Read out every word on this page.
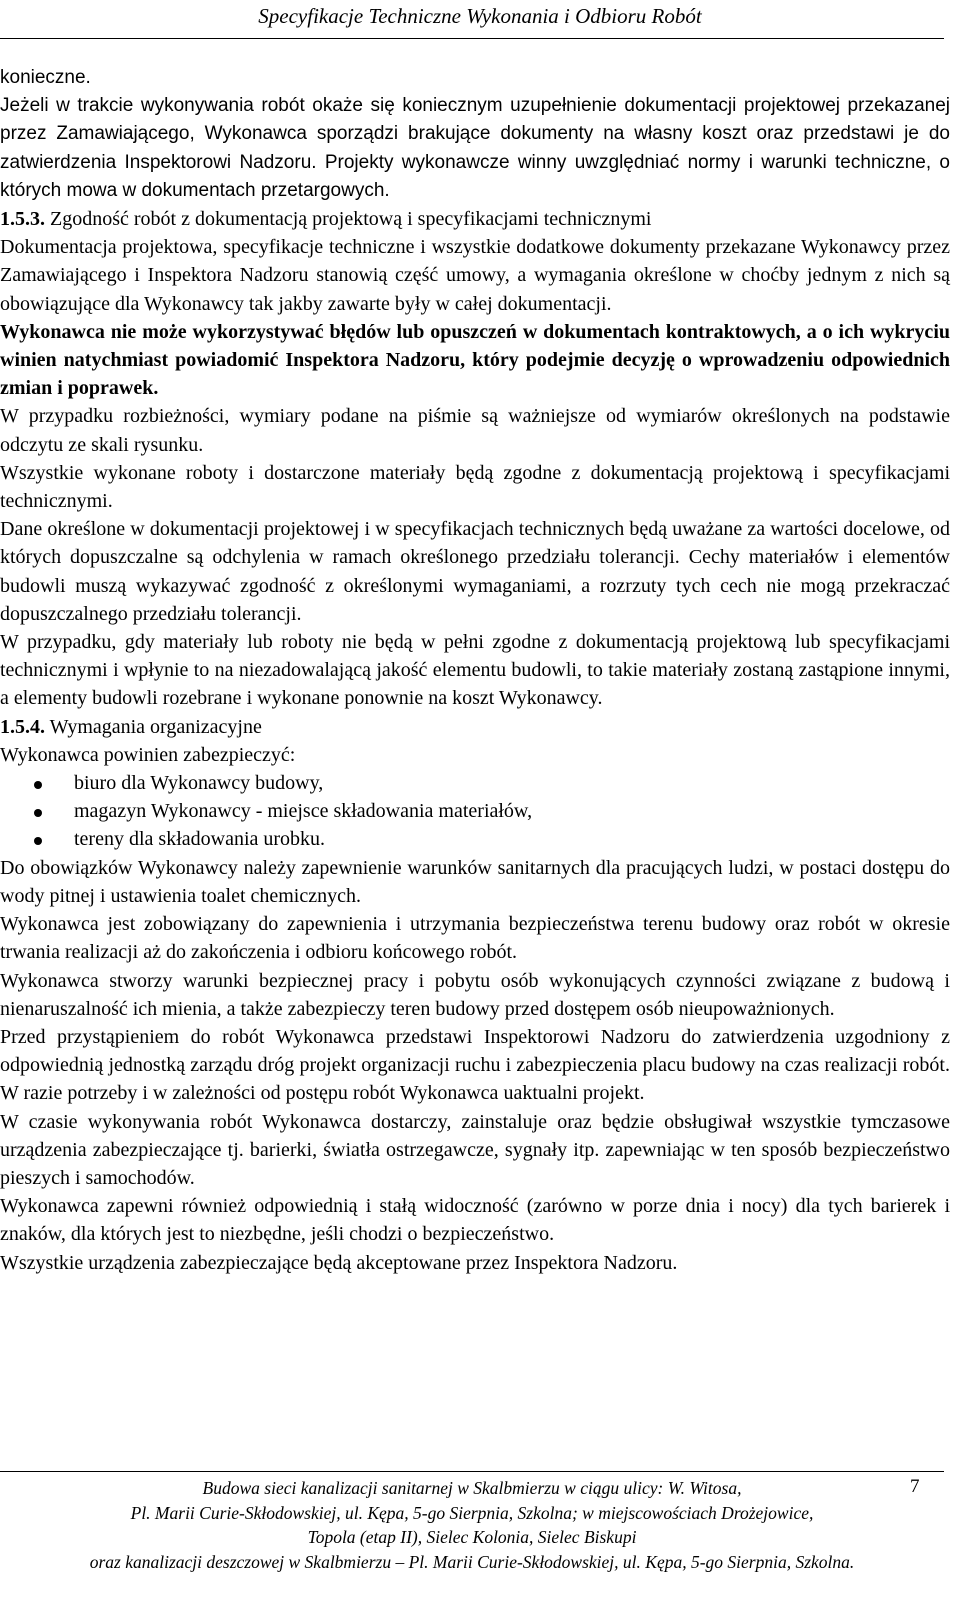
Specyfikacje Techniczne Wykonania i Odbioru Robót

konieczne.

Jeżeli w trakcie wykonywania robót okaże się koniecznym uzupełnienie dokumentacji projektowej przekazanej przez Zamawiającego, Wykonawca sporządzi brakujące dokumenty na własny koszt oraz przedstawi je do zatwierdzenia Inspektorowi Nadzoru. Projekty wykonawcze winny uwzględniać normy i warunki techniczne, o których mowa w dokumentach przetargowych.

1.5.3. Zgodność robót z dokumentacją projektową i specyfikacjami technicznymi

Dokumentacja projektowa, specyfikacje techniczne i wszystkie dodatkowe dokumenty przekazane Wykonawcy przez Zamawiającego i Inspektora Nadzoru stanowią część umowy, a wymagania określone w choćby jednym z nich są obowiązujące dla Wykonawcy tak jakby zawarte były w całej dokumentacji.

Wykonawca nie może wykorzystywać błędów lub opuszczeń w dokumentach kontraktowych, a o ich wykryciu winien natychmiast powiadomić Inspektora Nadzoru, który podejmie decyzję o wprowadzeniu odpowiednich zmian i poprawek.

W przypadku rozbieżności, wymiary podane na piśmie są ważniejsze od wymiarów określonych na podstawie odczytu ze skali rysunku.

Wszystkie wykonane roboty i dostarczone materiały będą zgodne z dokumentacją projektową i specyfikacjami technicznymi.

Dane określone w dokumentacji projektowej i w specyfikacjach technicznych będą uważane za wartości docelowe, od których dopuszczalne są odchylenia w ramach określonego przedziału tolerancji. Cechy materiałów i elementów budowli muszą wykazywać zgodność z określonymi wymaganiami, a rozrzuty tych cech nie mogą przekraczać dopuszczalnego przedziału tolerancji.

W przypadku, gdy materiały lub roboty nie będą w pełni zgodne z dokumentacją projektową lub specyfikacjami technicznymi i wpłynie to na niezadowalającą jakość elementu budowli, to takie materiały zostaną zastąpione innymi, a elementy budowli rozebrane i wykonane ponownie na koszt Wykonawcy.

1.5.4. Wymagania organizacyjne

Wykonawca powinien zabezpieczyć:

biuro dla Wykonawcy budowy,
magazyn Wykonawcy - miejsce składowania materiałów,
tereny dla składowania urobku.

Do obowiązków Wykonawcy należy zapewnienie warunków sanitarnych dla pracujących ludzi, w postaci dostępu do wody pitnej i ustawienia toalet chemicznych.

Wykonawca jest zobowiązany do zapewnienia i utrzymania bezpieczeństwa terenu budowy oraz robót w okresie trwania realizacji aż do zakończenia i odbioru końcowego robót.

Wykonawca stworzy warunki bezpiecznej pracy i pobytu osób wykonujących czynności związane z budową i nienaruszalność ich mienia, a także zabezpieczy teren budowy przed dostępem osób nieupoważnionych.

Przed przystąpieniem do robót Wykonawca przedstawi Inspektorowi Nadzoru do zatwierdzenia uzgodniony z odpowiednią jednostką zarządu dróg projekt organizacji ruchu i zabezpieczenia placu budowy na czas realizacji robót. W razie potrzeby i w zależności od postępu robót Wykonawca uaktualni projekt.

W czasie wykonywania robót Wykonawca dostarczy, zainstaluje oraz będzie obsługiwał wszystkie tymczasowe urządzenia zabezpieczające tj. barierki, światła ostrzegawcze, sygnały itp. zapewniając w ten sposób bezpieczeństwo pieszych i samochodów.

Wykonawca zapewni również odpowiednią i stałą widoczność (zarówno w porze dnia i nocy) dla tych barierek i znaków, dla których jest to niezbędne, jeśli chodzi o bezpieczeństwo.

Wszystkie urządzenia zabezpieczające będą akceptowane przez Inspektora Nadzoru.

Budowa sieci kanalizacji sanitarnej w Skalbmierzu w ciągu ulicy: W. Witosa,
Pl. Marii Curie-Skłodowskiej, ul. Kępa, 5-go Sierpnia, Szkolna; w miejscowościach Drożejowice,
Topola (etap II), Sielec Kolonia, Sielec Biskupi
oraz kanalizacji deszczowej w Skalbmierzu – Pl. Marii Curie-Skłodowskiej, ul. Kępa, 5-go Sierpnia, Szkolna.
7
